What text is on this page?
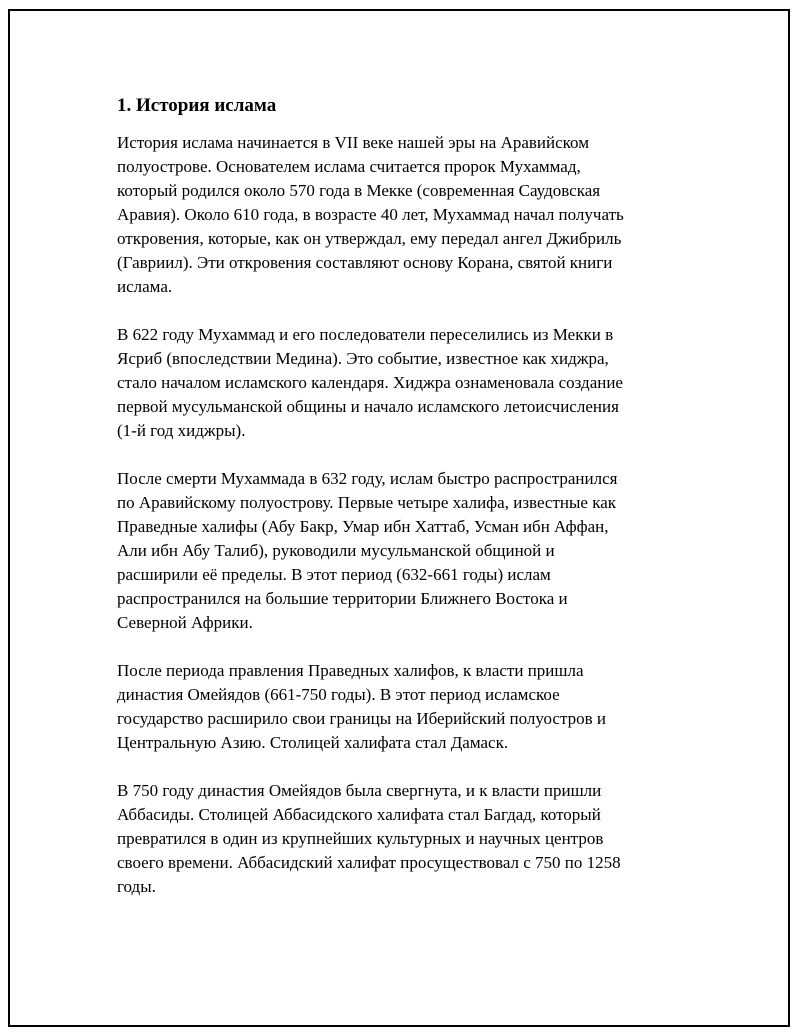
1. История ислама

История ислама начинается в VII веке нашей эры на Аравийском
полуострове. Основателем ислама считается пророк Мухаммад,
который родился около 570 года в Мекке (современная Саудовская
Аравия). Около 610 года, в возрасте 40 лет, Мухаммад начал получать
откровения, которые, как он утверждал, ему передал ангел Джибриль
(Гавриил). Эти откровения составляют основу Корана, святой книги
ислама.

В 622 году Мухаммад и его последователи переселились из Мекки в
Ясриб (впоследствии Медина). Это событие, известное как хиджра,
стало началом исламского календаря. Хиджра ознаменовала создание
первой мусульманской общины и начало исламского летоисчисления
(1-й год хиджры).

После смерти Мухаммада в 632 году, ислам быстро распространился
по Аравийскому полуострову. Первые четыре халифа, известные как
Праведные халифы (Абу Бакр, Умар ибн Хаттаб, Усман ибн Аффан,
Али ибн Абу Талиб), руководили мусульманской общиной и
расширили её пределы. В этот период (632-661 годы) ислам
распространился на большие территории Ближнего Востока и
Северной Африки.

После периода правления Праведных халифов, к власти пришла
династия Омейядов (661-750 годы). В этот период исламское
государство расширило свои границы на Иберийский полуостров и
Центральную Азию. Столицей халифата стал Дамаск.

В 750 году династия Омейядов была свергнута, и к власти пришли
Аббасиды. Столицей Аббасидского халифата стал Багдад, который
превратился в один из крупнейших культурных и научных центров
своего времени. Аббасидский халифат просуществовал с 750 по 1258
годы.
